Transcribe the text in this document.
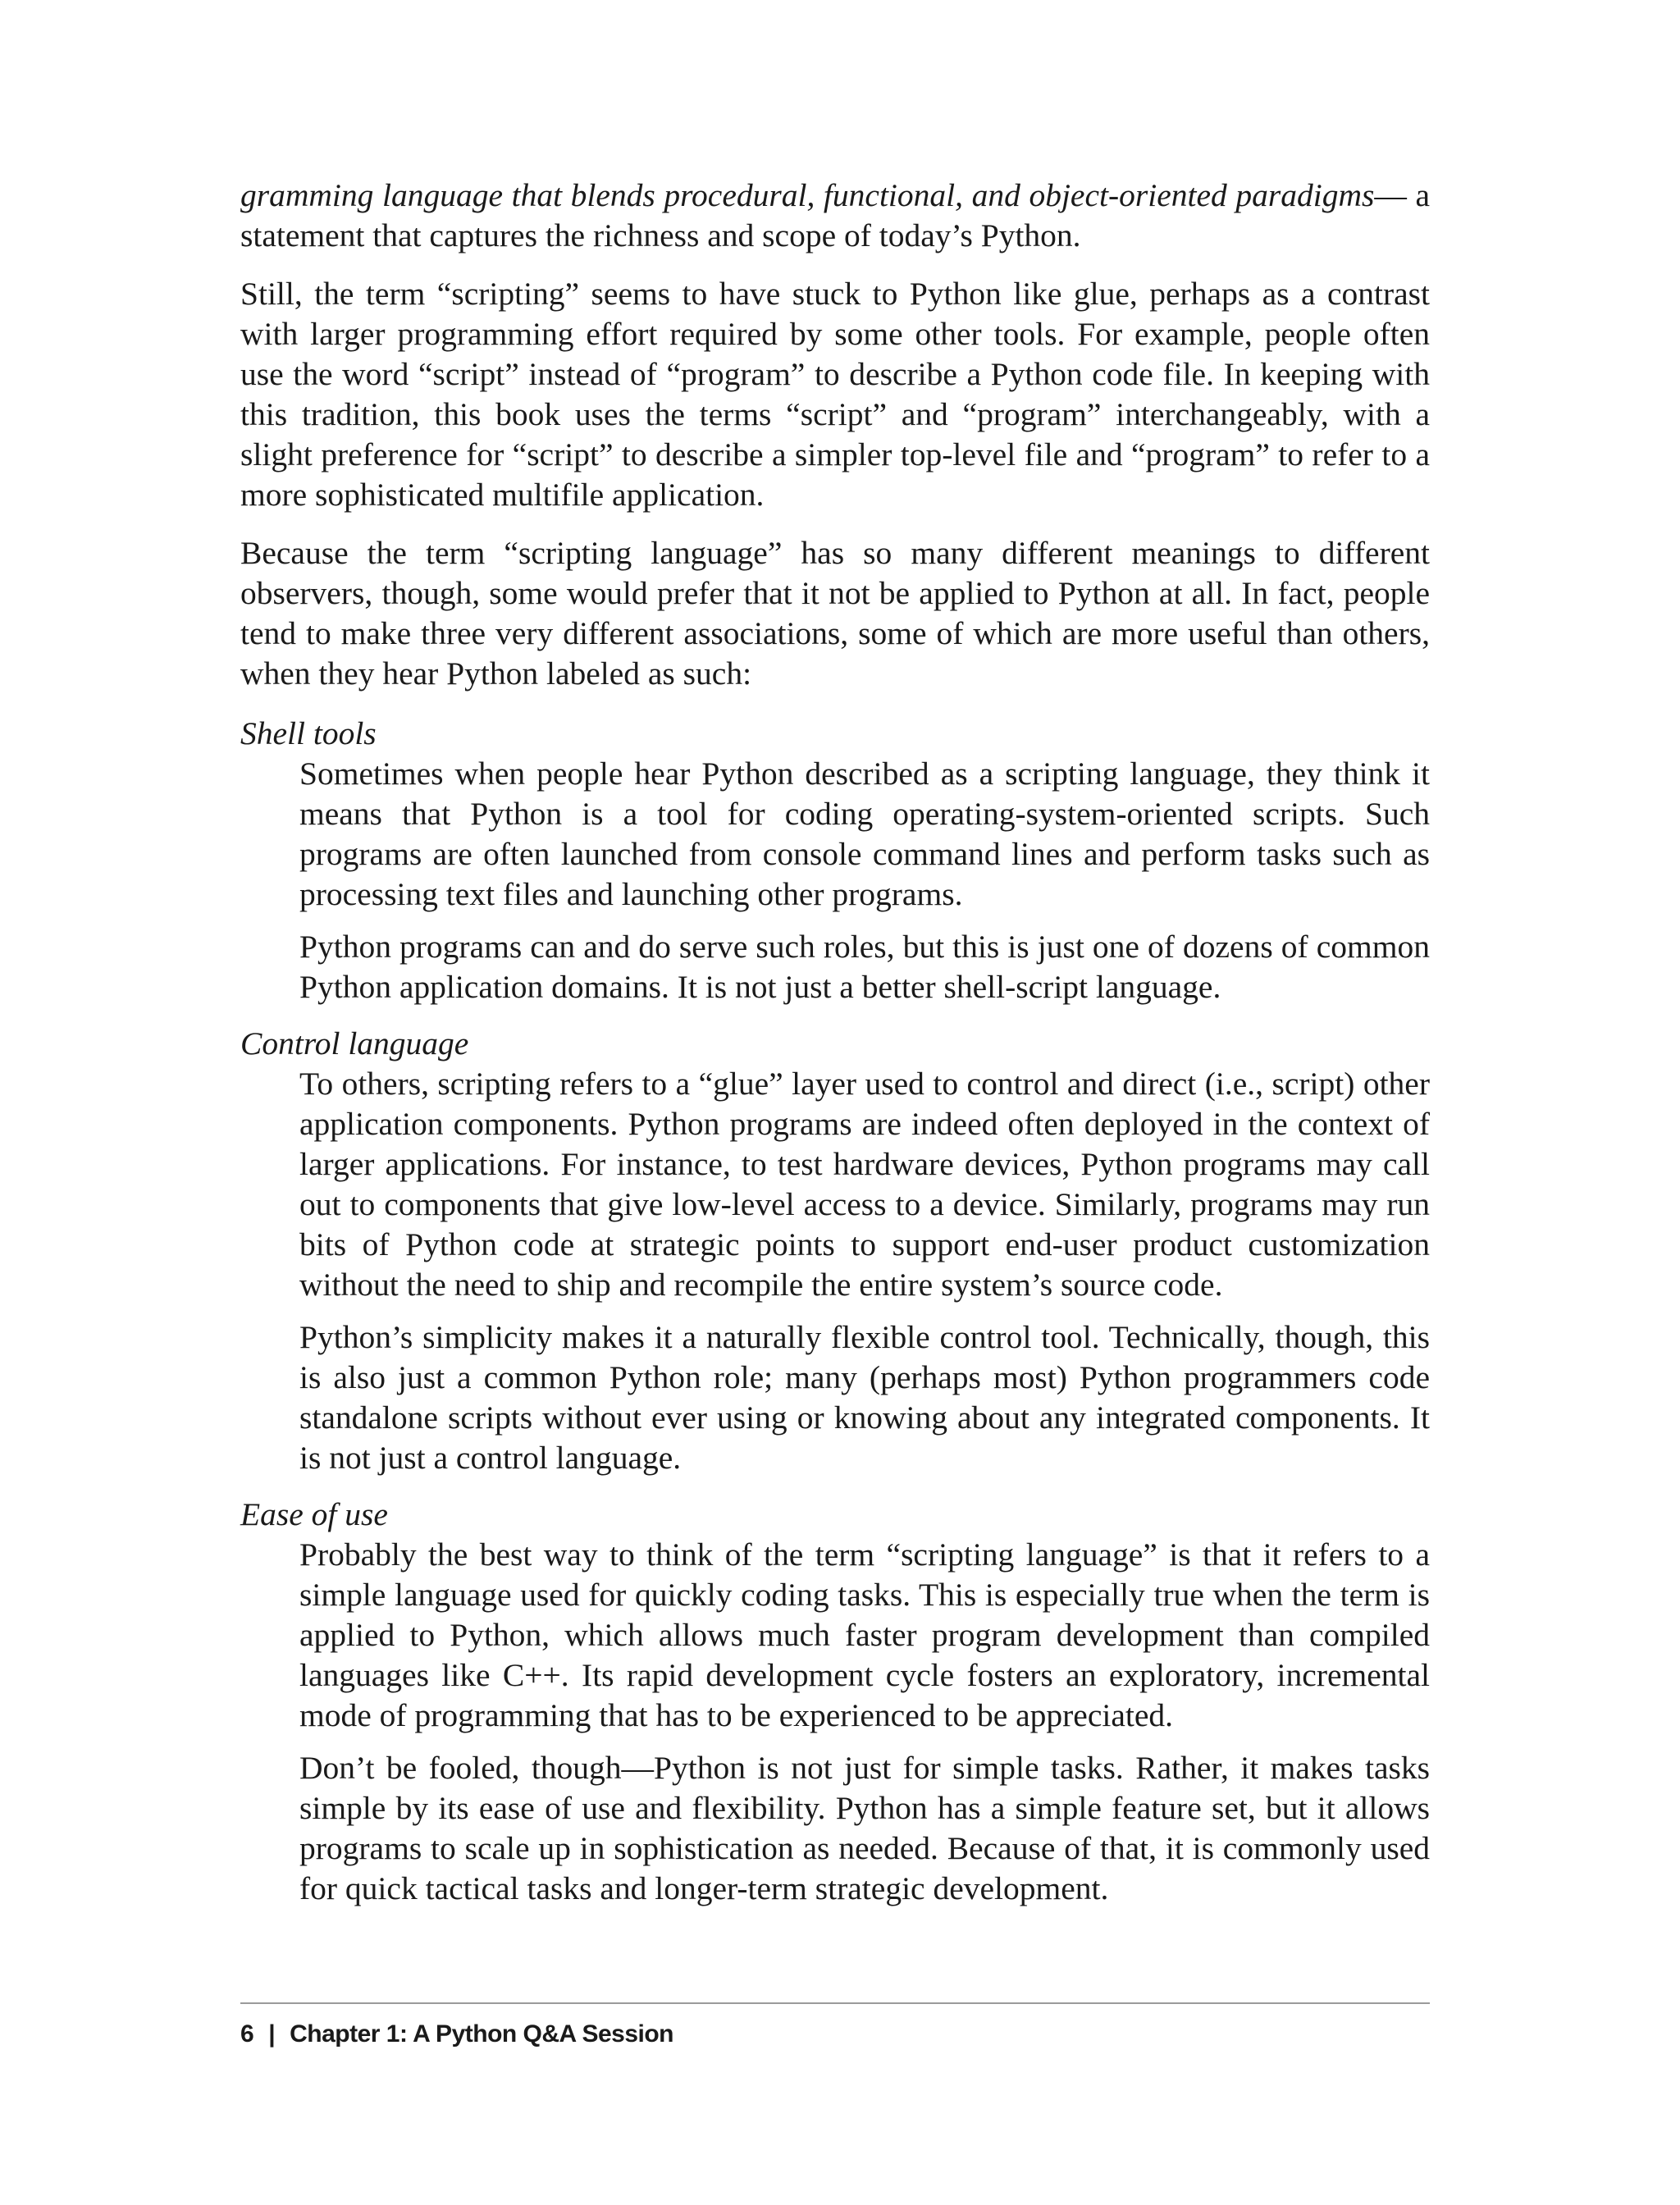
gramming language that blends procedural, functional, and object-oriented paradigms— a statement that captures the richness and scope of today’s Python.

Still, the term “scripting” seems to have stuck to Python like glue, perhaps as a contrast with larger programming effort required by some other tools. For example, people often use the word “script” instead of “program” to describe a Python code file. In keeping with this tradition, this book uses the terms “script” and “program” interchangeably, with a slight preference for “script” to describe a simpler top-level file and “program” to refer to a more sophisticated multifile application.

Because the term “scripting language” has so many different meanings to different observers, though, some would prefer that it not be applied to Python at all. In fact, people tend to make three very different associations, some of which are more useful than others, when they hear Python labeled as such:

Shell tools

Sometimes when people hear Python described as a scripting language, they think it means that Python is a tool for coding operating-system-oriented scripts. Such programs are often launched from console command lines and perform tasks such as processing text files and launching other programs.

Python programs can and do serve such roles, but this is just one of dozens of common Python application domains. It is not just a better shell-script language.

Control language

To others, scripting refers to a “glue” layer used to control and direct (i.e., script) other application components. Python programs are indeed often deployed in the context of larger applications. For instance, to test hardware devices, Python programs may call out to components that give low-level access to a device. Similarly, programs may run bits of Python code at strategic points to support end-user product customization without the need to ship and recompile the entire system’s source code.

Python’s simplicity makes it a naturally flexible control tool. Technically, though, this is also just a common Python role; many (perhaps most) Python programmers code standalone scripts without ever using or knowing about any integrated components. It is not just a control language.

Ease of use

Probably the best way to think of the term “scripting language” is that it refers to a simple language used for quickly coding tasks. This is especially true when the term is applied to Python, which allows much faster program development than compiled languages like C++. Its rapid development cycle fosters an exploratory, incremental mode of programming that has to be experienced to be appreciated.

Don’t be fooled, though—Python is not just for simple tasks. Rather, it makes tasks simple by its ease of use and flexibility. Python has a simple feature set, but it allows programs to scale up in sophistication as needed. Because of that, it is commonly used for quick tactical tasks and longer-term strategic development.

6 | Chapter 1: A Python Q&A Session
